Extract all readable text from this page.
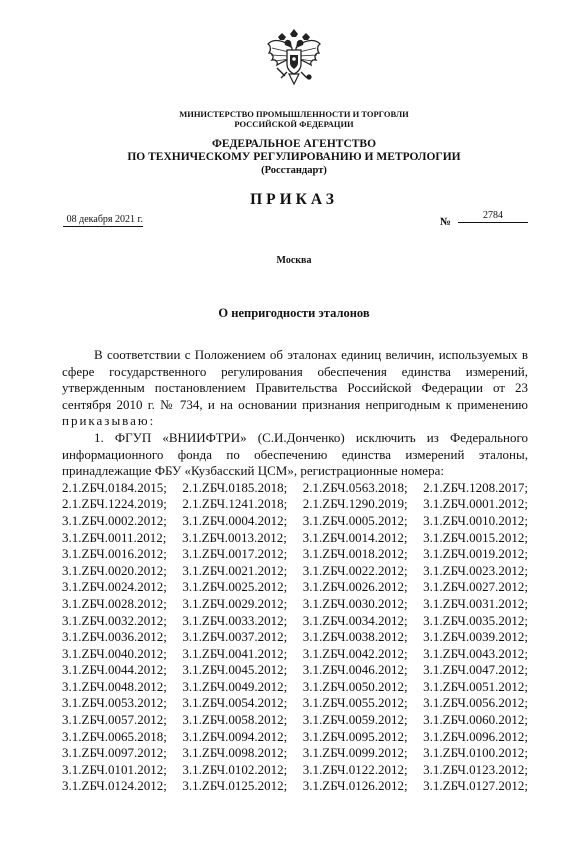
МИНИСТЕРСТВО ПРОМЫШЛЕННОСТИ И ТОРГОВЛИ
РОССИЙСКОЙ ФЕДЕРАЦИИ
ФЕДЕРАЛЬНОЕ АГЕНТСТВО
ПО ТЕХНИЧЕСКОМУ РЕГУЛИРОВАНИЮ И МЕТРОЛОГИИ
(Росстандарт)
ПРИКАЗ
08 декабря 2021 г.	№
2784
Москва
О непригодности эталонов

В соответствии с Положением об эталонах единиц величин, используемых в сфере государственного регулирования обеспечения единства измерений, утвержденным постановлением Правительства Российской Федерации от 23 сентября 2010 г. № 734, и на основании признания непригодным к применению приказываю:

1. ФГУП «ВНИИФТРИ» (С.И.Донченко) исключить из Федерального информационного фонда по обеспечению единства измерений эталоны, принадлежащие ФБУ «Кузбасский ЦСМ», регистрационные номера:

2.1.ZБЧ.0184.2015; 2.1.ZБЧ.0185.2018; 2.1.ZБЧ.0563.2018; 2.1.ZБЧ.1208.2017;
2.1.ZБЧ.1224.2019; 2.1.ZБЧ.1241.2018; 2.1.ZБЧ.1290.2019; 3.1.ZБЧ.0001.2012;
3.1.ZБЧ.0002.2012; 3.1.ZБЧ.0004.2012; 3.1.ZБЧ.0005.2012; 3.1.ZБЧ.0010.2012;
3.1.ZБЧ.0011.2012; 3.1.ZБЧ.0013.2012; 3.1.ZБЧ.0014.2012; 3.1.ZБЧ.0015.2012;
3.1.ZБЧ.0016.2012; 3.1.ZБЧ.0017.2012; 3.1.ZБЧ.0018.2012; 3.1.ZБЧ.0019.2012;
3.1.ZБЧ.0020.2012; 3.1.ZБЧ.0021.2012; 3.1.ZБЧ.0022.2012; 3.1.ZБЧ.0023.2012;
3.1.ZБЧ.0024.2012; 3.1.ZБЧ.0025.2012; 3.1.ZБЧ.0026.2012; 3.1.ZБЧ.0027.2012;
3.1.ZБЧ.0028.2012; 3.1.ZБЧ.0029.2012; 3.1.ZБЧ.0030.2012; 3.1.ZБЧ.0031.2012;
3.1.ZБЧ.0032.2012; 3.1.ZБЧ.0033.2012; 3.1.ZБЧ.0034.2012; 3.1.ZБЧ.0035.2012;
3.1.ZБЧ.0036.2012; 3.1.ZБЧ.0037.2012; 3.1.ZБЧ.0038.2012; 3.1.ZБЧ.0039.2012;
3.1.ZБЧ.0040.2012; 3.1.ZБЧ.0041.2012; 3.1.ZБЧ.0042.2012; 3.1.ZБЧ.0043.2012;
3.1.ZБЧ.0044.2012; 3.1.ZБЧ.0045.2012; 3.1.ZБЧ.0046.2012; 3.1.ZБЧ.0047.2012;
3.1.ZБЧ.0048.2012; 3.1.ZБЧ.0049.2012; 3.1.ZБЧ.0050.2012; 3.1.ZБЧ.0051.2012;
3.1.ZБЧ.0053.2012; 3.1.ZБЧ.0054.2012; 3.1.ZБЧ.0055.2012; 3.1.ZБЧ.0056.2012;
3.1.ZБЧ.0057.2012; 3.1.ZБЧ.0058.2012; 3.1.ZБЧ.0059.2012; 3.1.ZБЧ.0060.2012;
3.1.ZБЧ.0065.2018; 3.1.ZБЧ.0094.2012; 3.1.ZБЧ.0095.2012; 3.1.ZБЧ.0096.2012;
3.1.ZБЧ.0097.2012; 3.1.ZБЧ.0098.2012; 3.1.ZБЧ.0099.2012; 3.1.ZБЧ.0100.2012;
3.1.ZБЧ.0101.2012; 3.1.ZБЧ.0102.2012; 3.1.ZБЧ.0122.2012; 3.1.ZБЧ.0123.2012;
3.1.ZБЧ.0124.2012; 3.1.ZБЧ.0125.2012; 3.1.ZБЧ.0126.2012; 3.1.ZБЧ.0127.2012;
